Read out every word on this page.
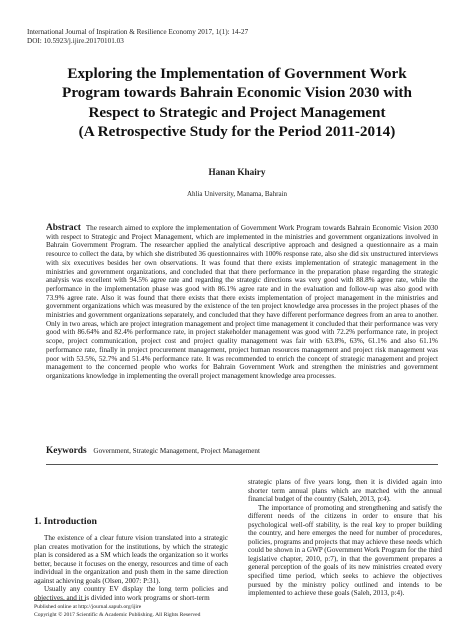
International Journal of Inspiration & Resilience Economy 2017, 1(1): 14-27
DOI: 10.5923/j.ijire.20170101.03
Exploring the Implementation of Government Work
Program towards Bahrain Economic Vision 2030 with
Respect to Strategic and Project Management
(A Retrospective Study for the Period 2011-2014)
Hanan Khairy
Ahlia University, Manama, Bahrain
Abstract The research aimed to explore the implementation of Government Work Program towards Bahrain Economic Vision 2030 with respect to Strategic and Project Management, which are implemented in the ministries and government organizations involved in Bahrain Government Program. The researcher applied the analytical descriptive approach and designed a questionnaire as a main resource to collect the data, by which she distributed 36 questionnaires with 100% response rate, also she did six unstructured interviews with six executives besides her own observations. It was found that there exists implementation of strategic management in the ministries and government organizations, and concluded that that there performance in the preparation phase regarding the strategic analysis was excellent with 94.5% agree rate and regarding the strategic directions was very good with 88.8% agree rate, while the performance in the implementation phase was good with 86.1% agree rate and in the evaluation and follow-up was also good with 73.9% agree rate. Also it was found that there exists that there exists implementation of project management in the ministries and government organizations which was measured by the existence of the ten project knowledge area processes in the project phases of the ministries and government organizations separately, and concluded that they have different performance degrees from an area to another. Only in two areas, which are project integration management and project time management it concluded that their performance was very good with 86.64% and 82.4% performance rate, in project stakeholder management was good with 72.2% performance rate, in project scope, project communication, project cost and project quality management was fair with 63.8%, 63%, 61.1% and also 61.1% performance rate, finally in project procurement management, project human resources management and project risk management was poor with 53.5%, 52.7% and 51.4% performance rate. It was recommended to enrich the concept of strategic management and project management to the concerned people who works for Bahrain Government Work and strengthen the ministries and government organizations knowledge in implementing the overall project management knowledge area processes.
Keywords Government, Strategic Management, Project Management
1. Introduction

The existence of a clear future vision translated into a strategic plan creates motivation for the institutions, by which the strategic plan is considered as a SM which leads the organization so it works better, because it focuses on the energy, resources and time of each individual in the organization and push them in the same direction against achieving goals (Olsen, 2007: P:31).

Usually any country EV display the long term policies and objectives, and it is divided into work programs or short-term

strategic plans of five years long, then it is divided again into shorter term annual plans which are matched with the annual financial budget of the country (Saleh, 2013, p:4).

The importance of promoting and strengthening and satisfy the different needs of the citizens in order to ensure that his psychological well-off stability, is the real key to proper building the country, and here emerges the need for number of procedures, policies, programs and projects that may achieve these needs which could be shown in a GWP (Government Work Program for the third legislative chapter, 2010, p:7), in that the government prepares a general perception of the goals of its new ministries created every specified time period, which seeks to achieve the objectives pursued by the ministry policy outlined and intends to be implemented to achieve these goals (Saleh, 2013, p:4).

Published online at http://journal.sapub.org/ijire
Copyright © 2017 Scientific & Academic Publishing. All Rights Reserved
